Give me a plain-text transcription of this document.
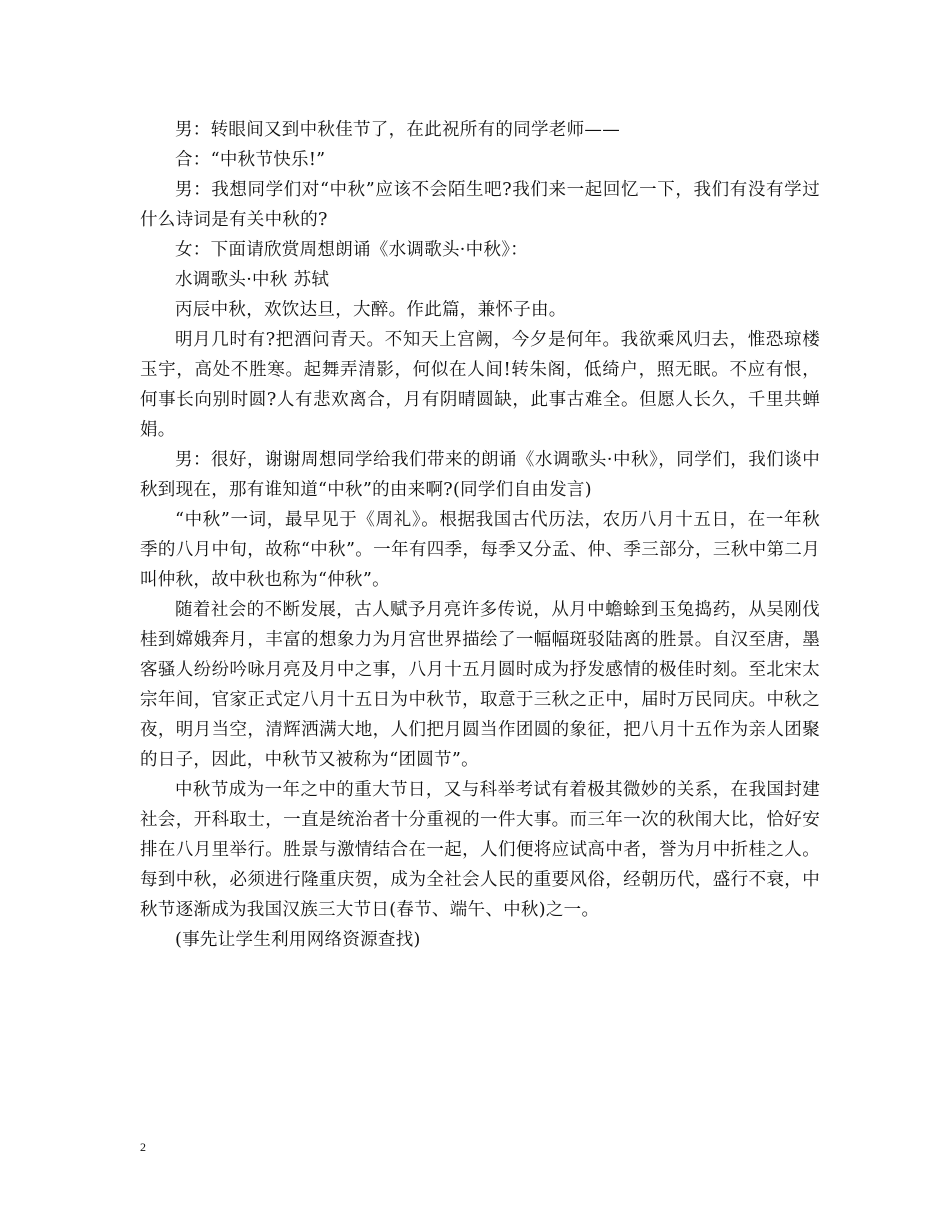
男：转眼间又到中秋佳节了，在此祝所有的同学老师——

合：“中秋节快乐!”

男：我想同学们对“中秋”应该不会陌生吧?我们来一起回忆一下，我们有没有学过什么诗词是有关中秋的?

女：下面请欣赏周想朗诵《水调歌头·中秋》：

水调歌头·中秋 苏轼

丙辰中秋，欢饮达旦，大醉。作此篇，兼怀子由。

明月几时有?把酒问青天。不知天上宫阙，今夕是何年。我欲乘风归去，惟恐琼楼玉宇，高处不胜寒。起舞弄清影，何似在人间!转朱阁，低绮户，照无眠。不应有恨，何事长向别时圆?人有悲欢离合，月有阴晴圆缺，此事古难全。但愿人长久，千里共蝉娟。

男：很好，谢谢周想同学给我们带来的朗诵《水调歌头·中秋》，同学们，我们谈中秋到现在，那有谁知道“中秋”的由来啊?(同学们自由发言)

“中秋”一词，最早见于《周礼》。根据我国古代历法，农历八月十五日，在一年秋季的八月中旬，故称“中秋”。一年有四季，每季又分孟、仲、季三部分，三秋中第二月叫仲秋，故中秋也称为“仲秋”。

随着社会的不断发展，古人赋予月亮许多传说，从月中蟾蜍到玉兔捣药，从吴刚伐桂到嫦娥奔月，丰富的想象力为月宫世界描绘了一幅幅斑驳陆离的胜景。自汉至唐，墨客骚人纷纷吟咏月亮及月中之事，八月十五月圆时成为抒发感情的极佳时刻。至北宋太宗年间，官家正式定八月十五日为中秋节，取意于三秋之正中，届时万民同庆。中秋之夜，明月当空，清辉洒满大地，人们把月圆当作团圆的象征，把八月十五作为亲人团聚的日子，因此，中秋节又被称为“团圆节”。

中秋节成为一年之中的重大节日，又与科举考试有着极其微妙的关系，在我国封建社会，开科取士，一直是统治者十分重视的一件大事。而三年一次的秋闱大比，恰好安排在八月里举行。胜景与激情结合在一起，人们便将应试高中者，誉为月中折桂之人。每到中秋，必须进行隆重庆贺，成为全社会人民的重要风俗，经朝历代，盛行不衰，中秋节逐渐成为我国汉族三大节日(春节、端午、中秋)之一。

(事先让学生利用网络资源查找)

2
